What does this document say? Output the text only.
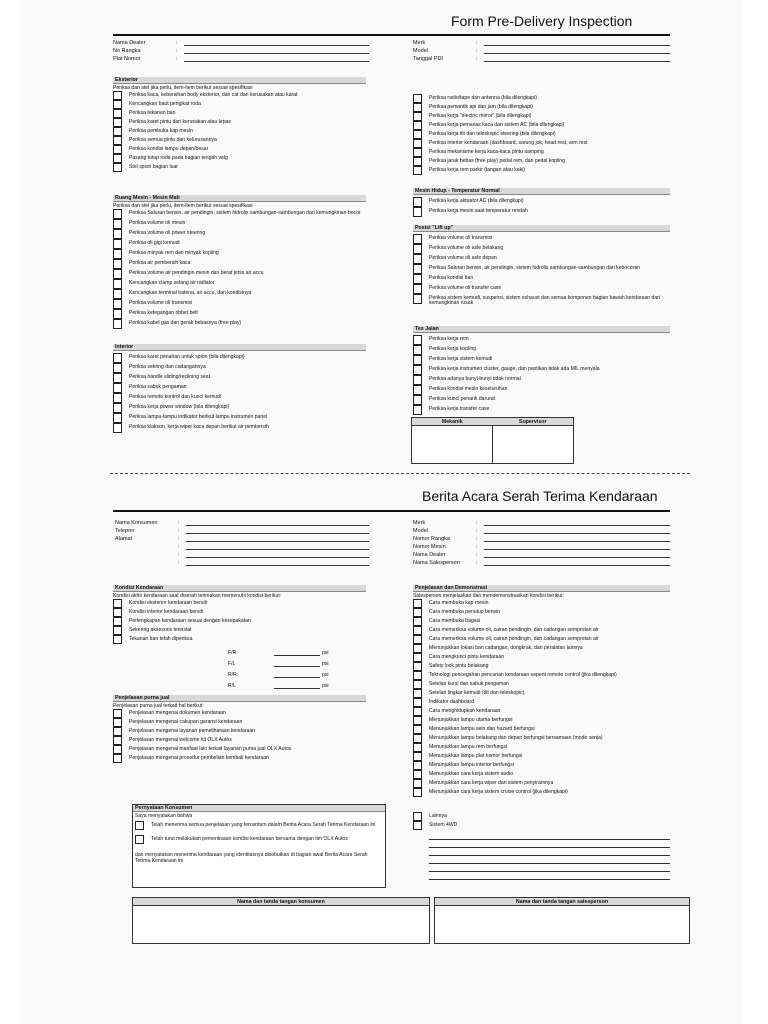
Form Pre-Delivery Inspection
Nama Dealer	:
No Rangka	:
Plat Nomor	:
Merk	:
Model	:
Tanggal PDI	:
Eksterior
Periksa dan stel jika perlu, item-item berikut sesuai spesifikasi
Periksa kaca, kebersihan body eksterior, dan cat dari kerusakan atau karat
Kencangkan baut pengikat roda
Periksa tekanan ban
Periksa karet pintu dari kerusakan atau lepas
Periksa pembuka kap mesin
Periksa semua pintu dan kelurusannya
Periksa kondisi lampu depan/besar
Pasang tutup roda pada bagian tengah velg
Stel spion bagian luar
Periksa radio/tape dan antenna (bila dilengkapi)
Periksa pemantik api dan jam (bila dilengkapi)
Periksa kerja "electric mirror" (bila dilengkapi)
Periksa kerja pemanas kaca dan sistem AC (bila dilengkapi)
Periksa kerja tilt dan teleskopic steering (bila dilengkapi)
Periksa interior kendaraan (dashboard, sarung jok, head rest, arm rest
Periksa mekanisme kerja kaca-kaca pintu samping
Periksa jarak bebas (free play) pedal rem, dan pedal kopling
Periksa kerja rem parkir (tangan atau kaki)
Ruang Mesin - Mesin Mati
Periksa dan stel jika perlu, item-item berikut sesuai spesifikasi
Periksa Saluran bensin, air pendingin, sistem hidrolis sambungan-sambungan dari kemungkinan bocor
Periksa volume oli mesin
Periksa volume oli power steering
Periksa oli gigi kemudi
Periksa minyak rem dan minyak kopling
Periksa air pembersih kaca
Periksa volume air pendingin mesin dan berat jenis air accu
Kencangkan clamp selang air radiator
Kencangkan terminal baterai, air accu, dan kondisinya
Periksa volume oli transmisi
Periksa ketegangan ribbet belt
Periksa kabel gas dan gerak bebasnya (free play)
Mesin Hidup - Temperatur Normal
Periksa kerja aktuator AC (bila dilengkapi)
Periksa kerja mesin saat temperatur rendah
Posisi "Lift up"
Periksa volume oli transmisi
Periksa volume oli axle belakang
Periksa volume oli axle depan
Periksa Saluran bensin, air pendingin, sistem hidrolis sambungan-sambungan dari kebocoran
Periksa kondisi ban
Periksa volume oli transfer case
Periksa sistem kemudi, suspensi, sistem exhaust dan semua komponen bagian bawah kendaraan dari kemungkinan rusak
Interior
Periksa karet penahan untuk spion (bila dilengkapi)
Periksa sekring dan cadangannya
Periksa handle sliding/reclining seat
Periksa sabuk pengaman
Periksa remote kontrol dan kunci kemudi
Periksa kerja power window (bila dilengkapi)
Periksa lampu-lampu indikator berikut lampu instrumen panel
Periksa klakson, kerja wiper kaca depan berikut air pembersih
Tes Jalan
Periksa kerja rem
Periksa kerja kopling
Periksa kerja sistem kemudi
Periksa kerja instrumen cluster, gauge, dan pastikan tidak ada MIL menyala
Periksa adanya bunyi-bunyi tidak normal
Periksa kondisi mesin keseluruhan
Periksa kunci penarik darurat
Periksa kerja transfer case
Mekanik	Supervisor
Berita Acara Serah Terima Kendaraan
Nama Konsumen	:
Telepon	:
Alamat	:
:
:
:
Merk	:
Model	:
Nomor Rangka	:
Nomor Mesin	:
Nama Dealer	:
Nama Salesperson	:
Kondisi Kendaraan
Kondisi akhir kendaraan saat diserah terimakan memenuhi kondisi berikut:
Kondisi eksterior kendaraan bersih
Kondisi interior kendaraan bersih
Perlengkapan kendaraan sesuai dengan kesepakatan
Sekering aksesoris terinstal
Tekanan ban telah diperiksa
F/R	psi
F/L	psi
R/R	psi
R/L	psi
Penjelasan purna jual
Penjelasan purna jual terkait hal berikut:
Penjelasan mengenai dokumen kendaraan
Penjelasan mengenai cakupan garansi kendaraan
Penjelasan mengenai layanan pemeliharaan kendaraan
Penjelasan mengenai welcome kit OLX Autos
Penjelasan mengenai manfaat lain terkait layanan purna jual OLX Autos
Penjelasan mengenai prosedur pembelian kembali kendaraan
Penjelasan dan Demonstrasi
Salesperson menjelaskan dan mendemonstrasikan kondisi berikut:
Cara membuka kap mesin
Cara membuka penutup bensin
Cara membuka bagasi
Cara memeriksa volume oli, cairan pendingin, dan cadangan semprotan air
Cara memeriksa volume oli, cairan pendingin, dan cadangan semprotan air
Menunjukkan lokasi ban cadangan, dongkrak, dan peralatan lainnya
Cara mengkunci pintu kendaraan
Safety lock pintu belakang
Teknologi pencegahan pencurian kendaraan seperti remote control (jika dilengkapi)
Setelan kursi dan sabuk pengaman
Setelan lingkar kemudi (tilt dan teleskopic)
Indikator dashboard
Cara menghidupkan kendaraan
Menunjukkan lampu utama berfungsi
Menunjukkan lampu sein dan hazard berfungsi
Menunjukkan lampu belakang dan depan berfungsi bersamaan (mode senja)
Menunjukkan lampu rem berfungsi
Menunjukkan lampu plat nomor berfungsi
Menunjukkan lampu interior berfungsi
Menunjukkan cara kerja sistem audio
Menunjukkan cara kerja wiper dan sistem penyiramnya
Menunjukkan cara kerja sistem cruise control (jika dilengkapi)
Lainnya
Sistem 4WD
Pernyataan Konsumen
Saya menyatakan bahwa
Telah menerima semua penjelasan yang tercantum dalam Berita Acara Serah Terima Kendaraan ini
Telah turut melakukan pemeriksaan kondisi kendaraan bersama dengan tim OLX Autos
dan menyatakan menerima kendaraan yang identitasnya disebutkan di bagian awal Berita Acara Serah Terima Kendaraan ini
Nama dan tanda tangan konsumen	Nama dan tanda tangan salesperson
